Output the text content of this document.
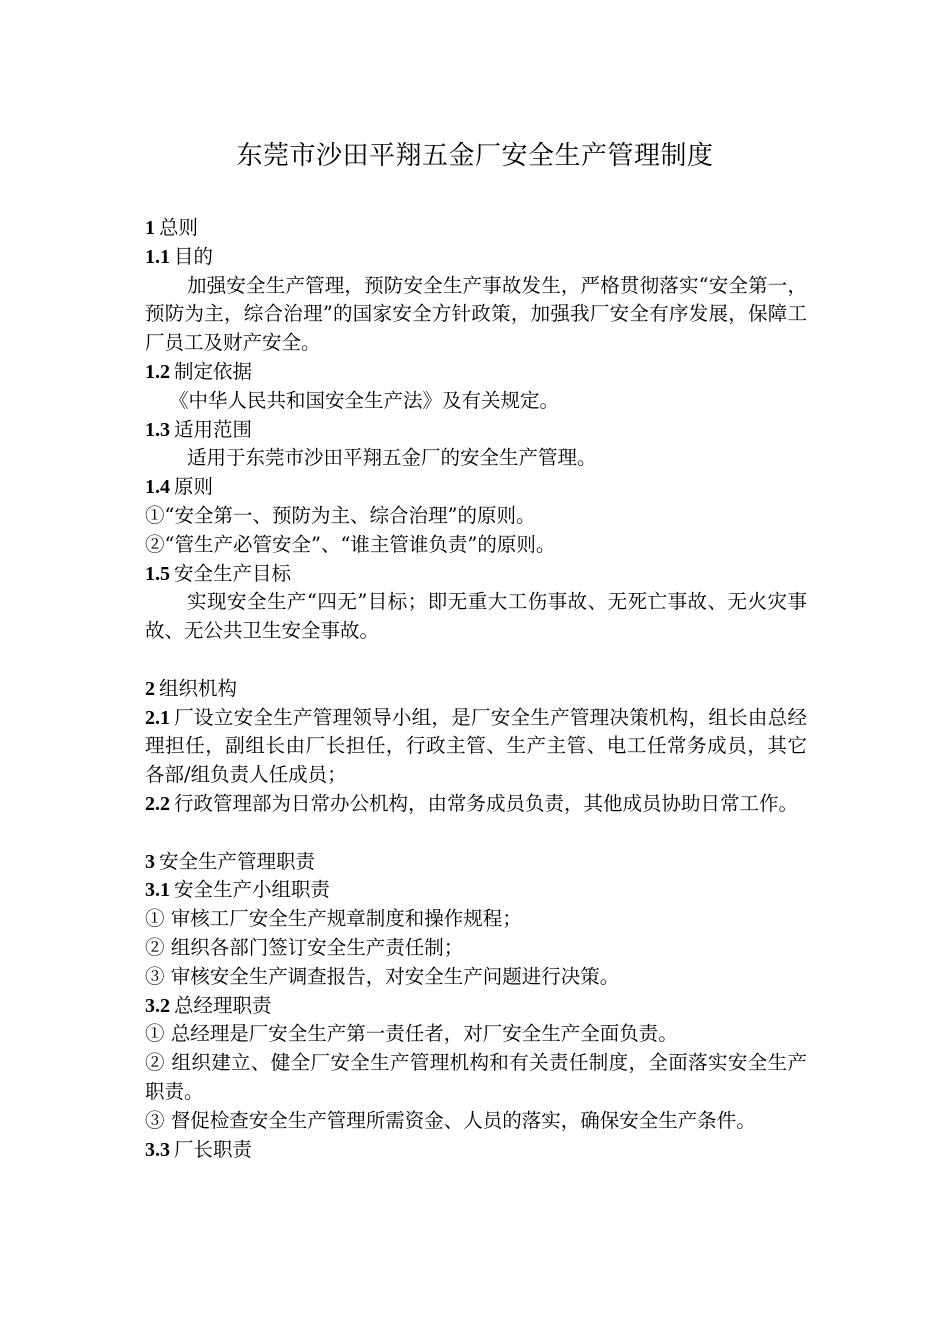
东莞市沙田平翔五金厂安全生产管理制度
1 总则
1.1 目的
加强安全生产管理，预防安全生产事故发生，严格贯彻落实“安全第一，预防为主，综合治理”的国家安全方针政策，加强我厂安全有序发展，保障工厂员工及财产安全。
1.2 制定依据
《中华人民共和国安全生产法》及有关规定。
1.3 适用范围
适用于东莞市沙田平翔五金厂的安全生产管理。
1.4 原则
①“安全第一、预防为主、综合治理”的原则。
②“管生产必管安全”、“谁主管谁负责”的原则。
1.5 安全生产目标
实现安全生产“四无”目标；即无重大工伤事故、无死亡事故、无火灾事故、无公共卫生安全事故。
2 组织机构
2.1 厂设立安全生产管理领导小组，是厂安全生产管理决策机构，组长由总经理担任，副组长由厂长担任，行政主管、生产主管、电工任常务成员，其它各部/组负责人任成员；
2.2 行政管理部为日常办公机构，由常务成员负责，其他成员协助日常工作。
3 安全生产管理职责
3.1 安全生产小组职责
① 审核工厂安全生产规章制度和操作规程；
② 组织各部门签订安全生产责任制；
③ 审核安全生产调查报告，对安全生产问题进行决策。
3.2 总经理职责
① 总经理是厂安全生产第一责任者，对厂安全生产全面负责。
② 组织建立、健全厂安全生产管理机构和有关责任制度，全面落实安全生产职责。
③ 督促检查安全生产管理所需资金、人员的落实，确保安全生产条件。
3.3 厂长职责
